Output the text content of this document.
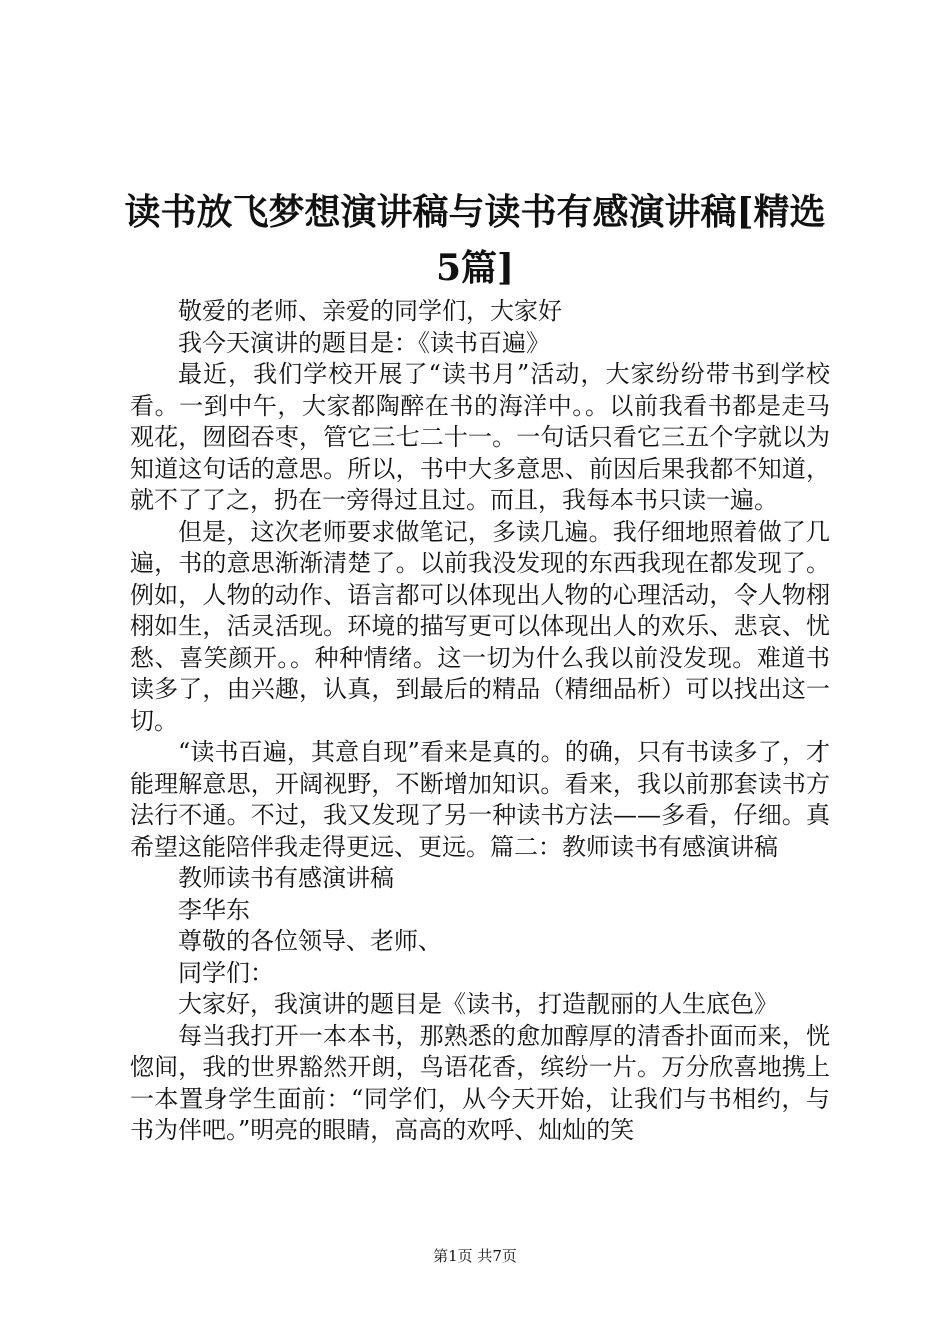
读书放飞梦想演讲稿与读书有感演讲稿[精选5篇]

敬爱的老师、亲爱的同学们，大家好

我今天演讲的题目是：《读书百遍》

最近，我们学校开展了“读书月”活动，大家纷纷带书到学校看。一到中午，大家都陶醉在书的海洋中。。以前我看书都是走马观花，囫囵吞枣，管它三七二十一。一句话只看它三五个字就以为知道这句话的意思。所以，书中大多意思、前因后果我都不知道，就不了了之，扔在一旁得过且过。而且，我每本书只读一遍。

但是，这次老师要求做笔记，多读几遍。我仔细地照着做了几遍，书的意思渐渐清楚了。以前我没发现的东西我现在都发现了。例如，人物的动作、语言都可以体现出人物的心理活动，令人物栩栩如生，活灵活现。环境的描写更可以体现出人的欢乐、悲哀、忧愁、喜笑颜开。。种种情绪。这一切为什么我以前没发现。难道书读多了，由兴趣，认真，到最后的精品（精细品析）可以找出这一切。

“读书百遍，其意自现”看来是真的。的确，只有书读多了，才能理解意思，开阔视野，不断增加知识。看来，我以前那套读书方法行不通。不过，我又发现了另一种读书方法——多看，仔细。真希望这能陪伴我走得更远、更远。篇二：教师读书有感演讲稿

教师读书有感演讲稿

李华东

尊敬的各位领导、老师、

同学们：

大家好，我演讲的题目是《读书，打造靓丽的人生底色》

每当我打开一本本书，那熟悉的愈加醇厚的清香扑面而来，恍惚间，我的世界豁然开朗，鸟语花香，缤纷一片。万分欣喜地携上一本置身学生面前：“同学们，从今天开始，让我们与书相约，与书为伴吧。”明亮的眼睛，高高的欢呼、灿灿的笑

第1页 共7页
